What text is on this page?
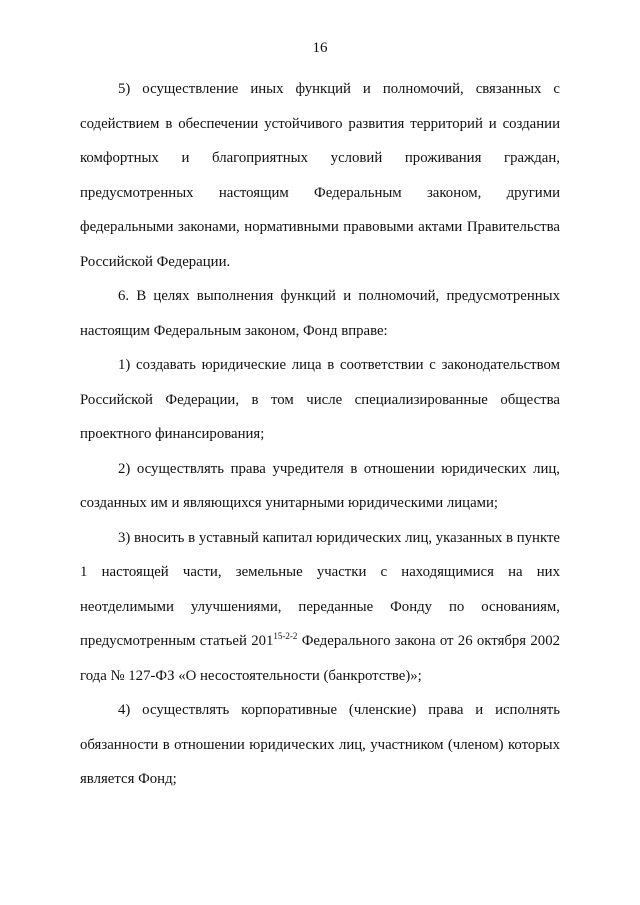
16

5) осуществление иных функций и полномочий, связанных с содействием в обеспечении устойчивого развития территорий и создании комфортных и благоприятных условий проживания граждан, предусмотренных настоящим Федеральным законом, другими федеральными законами, нормативными правовыми актами Правительства Российской Федерации.

6. В целях выполнения функций и полномочий, предусмотренных настоящим Федеральным законом, Фонд вправе:

1) создавать юридические лица в соответствии с законодательством Российской Федерации, в том числе специализированные общества проектного финансирования;

2) осуществлять права учредителя в отношении юридических лиц, созданных им и являющихся унитарными юридическими лицами;

3) вносить в уставный капитал юридических лиц, указанных в пункте 1 настоящей части, земельные участки с находящимися на них неотделимыми улучшениями, переданные Фонду по основаниям, предусмотренным статьей 201$^{15-2-2}$ Федерального закона от 26 октября 2002 года № 127-ФЗ «О несостоятельности (банкротстве)»;

4) осуществлять корпоративные (членские) права и исполнять обязанности в отношении юридических лиц, участником (членом) которых является Фонд;
